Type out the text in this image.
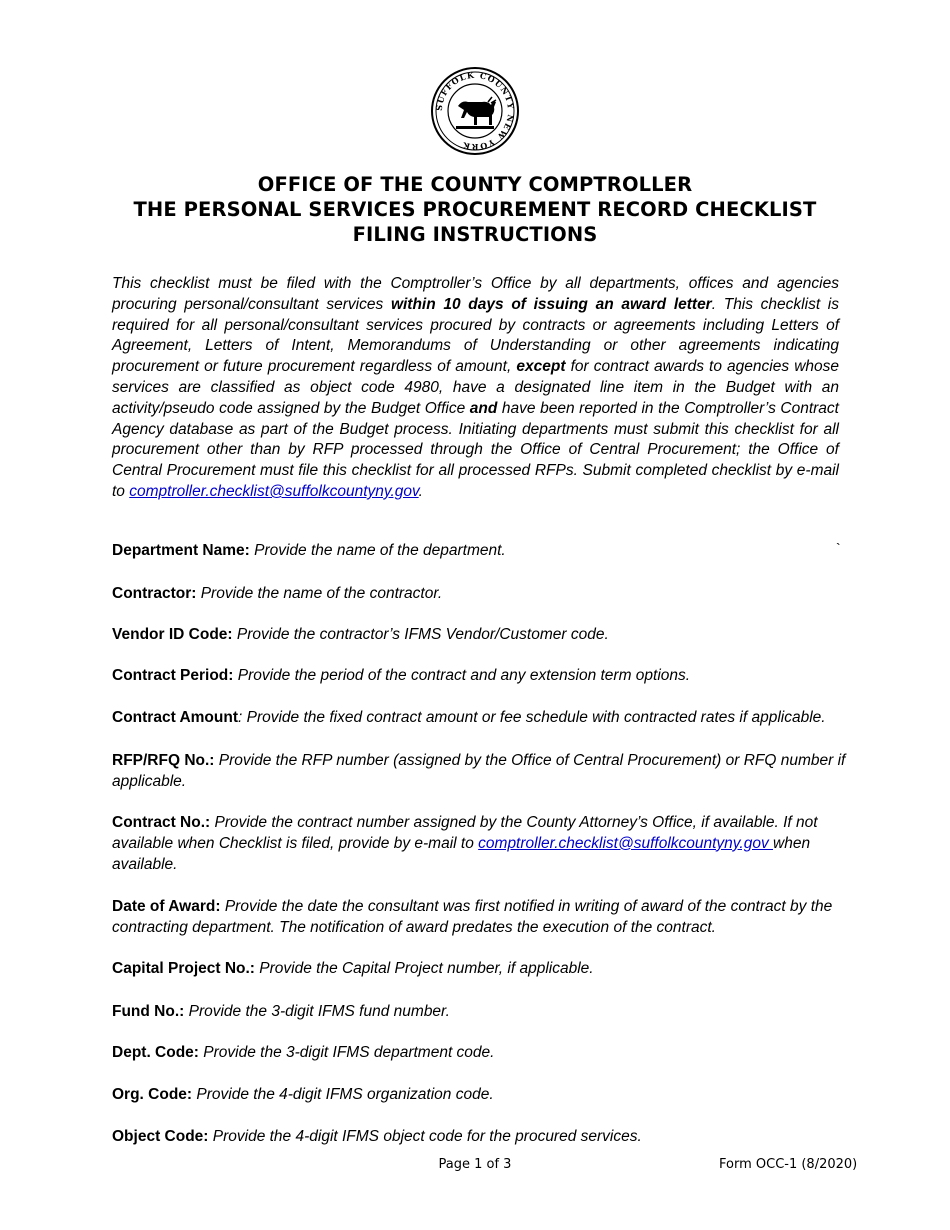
SUFFOLK COUNTY NEW YORK
OFFICE OF THE COUNTY COMPTROLLER
THE PERSONAL SERVICES PROCUREMENT RECORD CHECKLIST
FILING INSTRUCTIONS
This checklist must be filed with the Comptroller’s Office by all departments, offices and agencies procuring personal/consultant services within 10 days of issuing an award letter. This checklist is required for all personal/consultant services procured by contracts or agreements including Letters of Agreement, Letters of Intent, Memorandums of Understanding or other agreements indicating procurement or future procurement regardless of amount, except for contract awards to agencies whose services are classified as object code 4980, have a designated line item in the Budget with an activity/pseudo code assigned by the Budget Office and have been reported in the Comptroller’s Contract Agency database as part of the Budget process. Initiating departments must submit this checklist for all procurement other than by RFP processed through the Office of Central Procurement; the Office of Central Procurement must file this checklist for all processed RFPs. Submit completed checklist by e-mail to comptroller.checklist@suffolkcountyny.gov.
`
Department Name: Provide the name of the department.
Contractor: Provide the name of the contractor.
Vendor ID Code: Provide the contractor’s IFMS Vendor/Customer code.
Contract Period: Provide the period of the contract and any extension term options.
Contract Amount: Provide the fixed contract amount or fee schedule with contracted rates if applicable.
RFP/RFQ No.: Provide the RFP number (assigned by the Office of Central Procurement) or RFQ number if applicable.
Contract No.: Provide the contract number assigned by the County Attorney’s Office, if available. If not available when Checklist is filed, provide by e-mail to comptroller.checklist@suffolkcountyny.gov when available.
Date of Award: Provide the date the consultant was first notified in writing of award of the contract by the contracting department. The notification of award predates the execution of the contract.
Capital Project No.: Provide the Capital Project number, if applicable.
Fund No.: Provide the 3-digit IFMS fund number.
Dept. Code: Provide the 3-digit IFMS department code.
Org. Code: Provide the 4-digit IFMS organization code.
Object Code: Provide the 4-digit IFMS object code for the procured services.
Page 1 of 3	Form OCC-1 (8/2020)
